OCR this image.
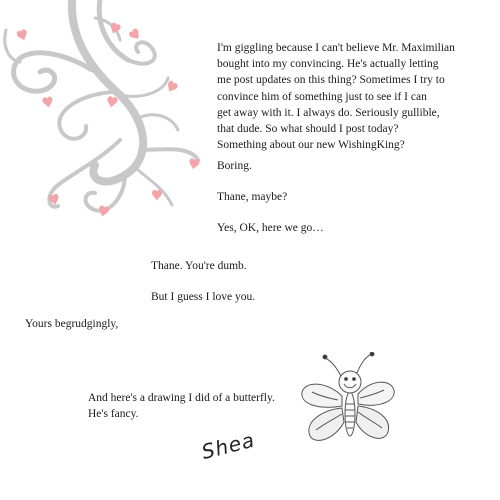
I'm giggling because I can't believe Mr. Maximilian
bought into my convincing. He's actually letting
me post updates on this thing? Sometimes I try to
convince him of something just to see if I can
get away with it. I always do. Seriously gullible,
that dude. So what should I post today?
Something about our new WishingKing?

Boring.

Thane, maybe?

Yes, OK, here we go…

Thane. You're dumb.

But I guess I love you.

Yours begrudgingly,

And here's a drawing I did of a butterfly.
He's fancy.
Shea
